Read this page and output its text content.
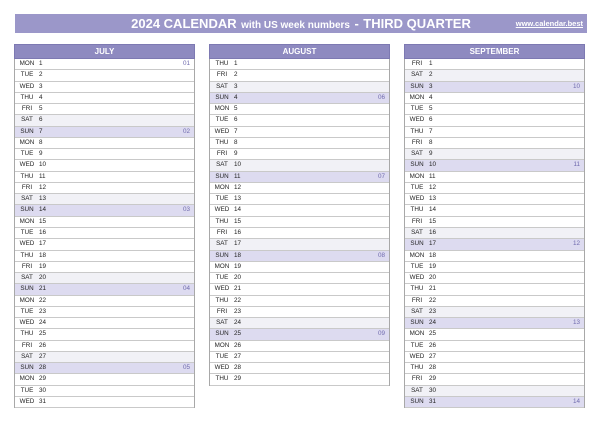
2024 CALENDAR with US week numbers - THIRD QUARTER	www.calendar.best
JULY
MON 1	01
TUE 2
WED 3
THU 4
FRI	5
SAT 6
SUN 7	02
MON 8
TUE 9
WED 10
THU 11
FRI	12
SAT 13
SUN 14	03
MON 15
TUE 16
WED 17
THU 18
FRI	19
SAT 20
SUN 21	04
MON 22
TUE 23
WED 24
THU 25
FRI	26
SAT 27
SUN 28	05
MON 29
TUE 30
WED 31
AUGUST
THU 1
FRI	2
SAT 3
SUN 4	06
MON 5
TUE 6
WED 7
THU 8
FRI	9
SAT 10
SUN 11	07
MON 12
TUE 13
WED 14
THU 15
FRI	16
SAT 17
SUN 18	08
MON 19
TUE 20
WED 21
THU 22
FRI	23
SAT 24
SUN 25	09
MON 26
TUE 27
WED 28
THU 29
SEPTEMBER
FRI	1
SAT 2
SUN 3	10
MON 4
TUE 5
WED 6
THU 7
FRI	8
SAT 9
SUN 10	11
MON 11
TUE 12
WED 13
THU 14
FRI	15
SAT 16
SUN 17	12
MON 18
TUE 19
WED 20
THU 21
FRI	22
SAT 23
SUN 24	13
MON 25
TUE 26
WED 27
THU 28
FRI	29
SAT 30
SUN 31	14
